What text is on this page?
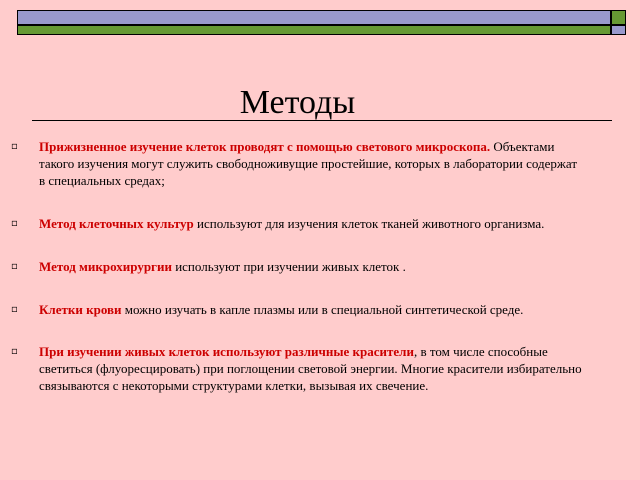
Методы
▫ Прижизненное изучение клеток проводят с помощью светового микроскопа. Объектами такого изучения могут служить свободноживущие простейшие, которых в лаборатории содержат в специальных средах;
▫ Метод клеточных культур используют для изучения клеток тканей животного организма.
▫ Метод микрохирургии используют при изучении живых клеток .
▫ Клетки крови можно изучать в капле плазмы или в специальной синтетической среде.
▫ При изучении живых клеток используют различные красители, в том числе способные светиться (флуоресцировать) при поглощении световой энергии. Многие красители избирательно связываются с некоторыми структурами клетки, вызывая их свечение.
